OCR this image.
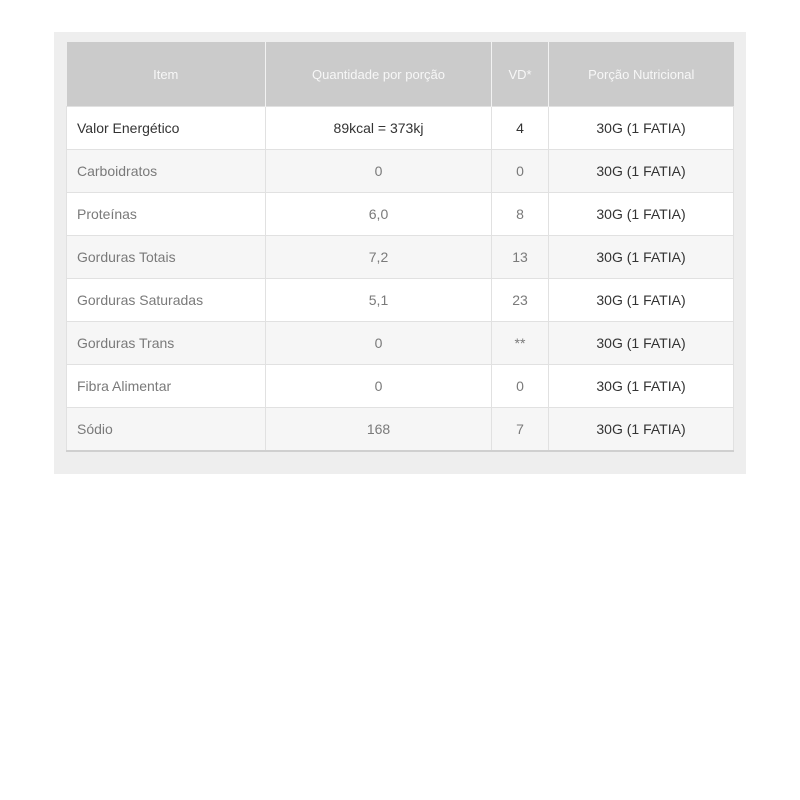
Item	Quantidade por porção	VD*	Porção Nutricional
Valor Energético	89kcal = 373kj	4	30G (1 FATIA)
Carboidratos	0	0	30G (1 FATIA)
Proteínas	6,0	8	30G (1 FATIA)
Gorduras Totais	7,2	13	30G (1 FATIA)
Gorduras Saturadas	5,1	23	30G (1 FATIA)
Gorduras Trans	0	**	30G (1 FATIA)
Fibra Alimentar	0	0	30G (1 FATIA)
Sódio	168	7	30G (1 FATIA)
